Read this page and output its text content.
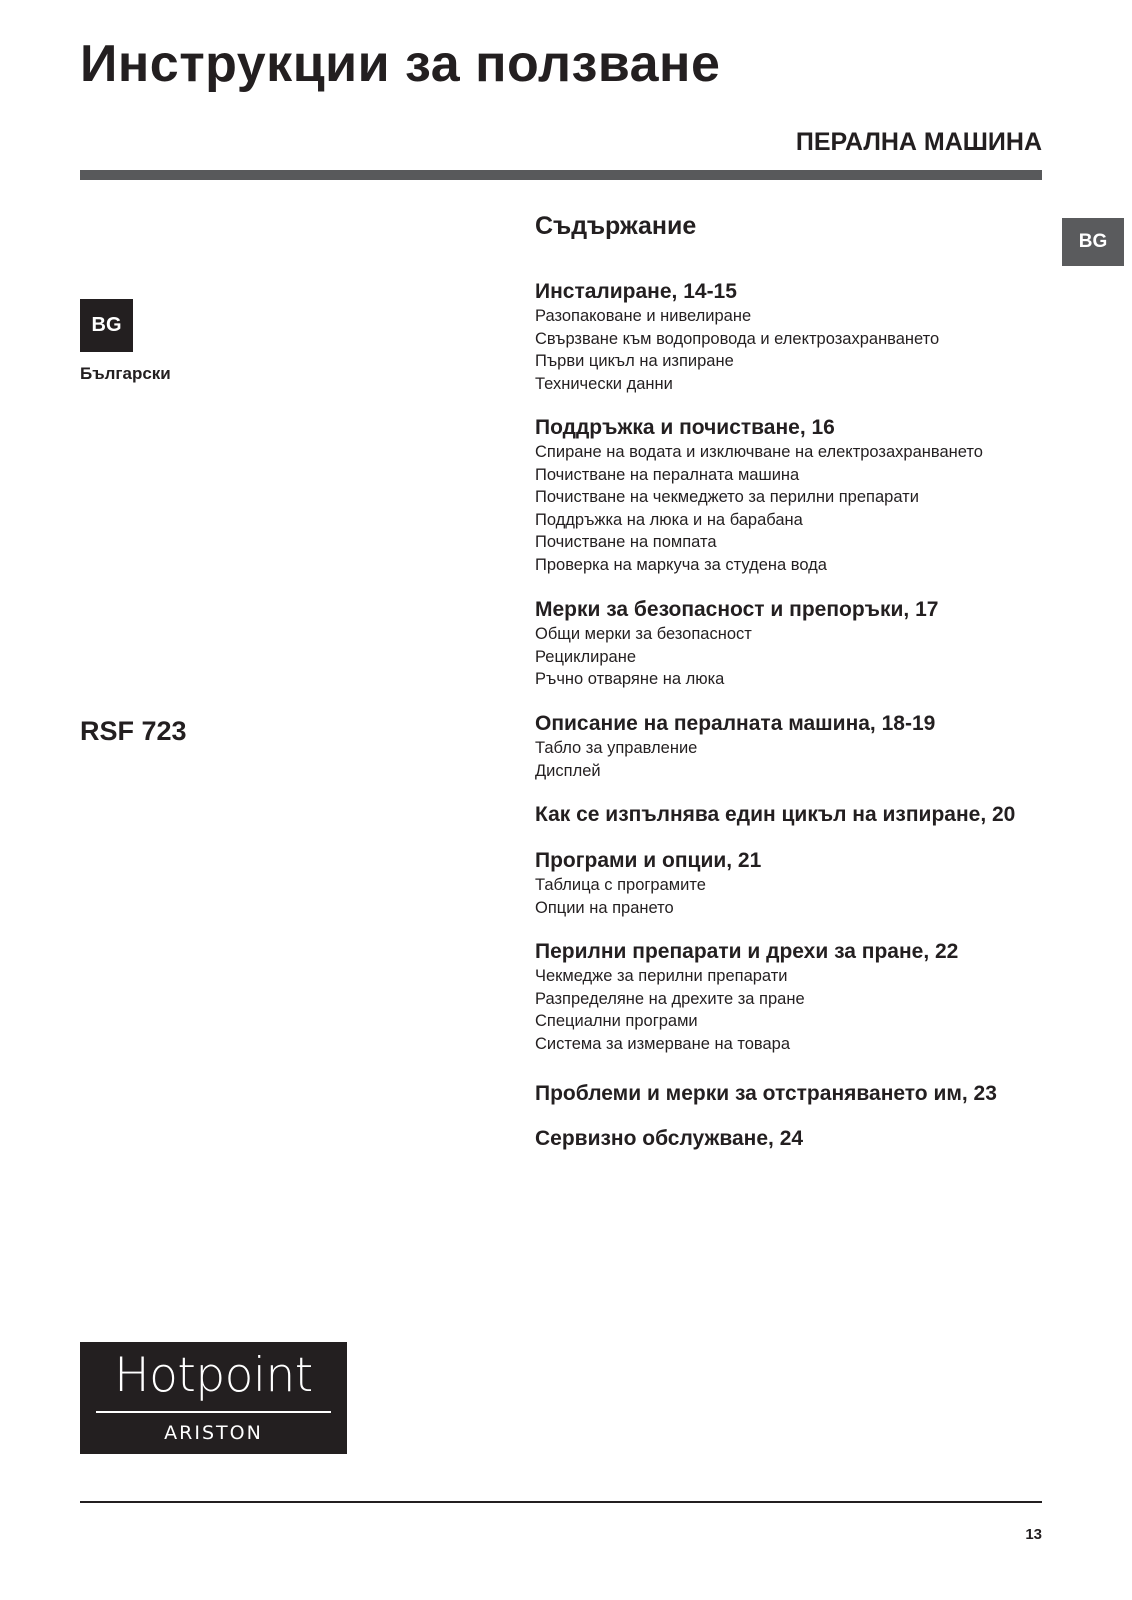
Инструкции за ползване
ПЕРАЛНА МАШИНА
BG
BG
Български
RSF 723
Съдържание
Инсталиране, 14-15
Разопаковане и нивелиране
Свързване към водопровода и електрозахранването
Първи цикъл на изпиране
Технически данни
Поддръжка и почистване, 16
Спиране на водата и изключване на електрозахранването
Почистване на пералната машина
Почистване на чекмеджето за перилни препарати
Поддръжка на люка и на барабана
Почистване на помпата
Проверка на маркуча за студена вода
Мерки за безопасност и препоръки, 17
Общи мерки за безопасност
Рециклиране
Ръчно отваряне на люка
Описание на пералната машина, 18-19
Табло за управление
Дисплей
Как се изпълнява един цикъл на изпиране, 20
Програми и опции, 21
Таблица с програмите
Опции на прането
Перилни препарати и дрехи за пране, 22
Чекмедже за перилни препарати
Разпределяне на дрехите за пране
Специални програми
Система за измерване на товара
Проблеми и мерки за отстраняването им, 23
Сервизно обслужване, 24
Hotpoint
ARISTON
13
